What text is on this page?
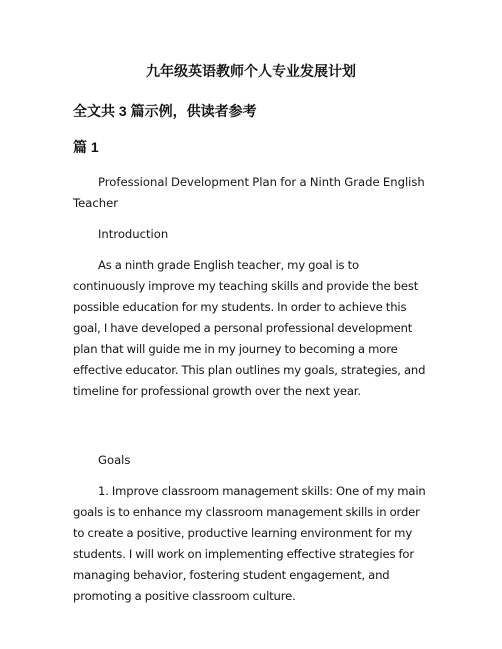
九年级英语教师个人专业发展计划
全文共 3 篇示例，供读者参考
篇 1

Professional Development Plan for a Ninth Grade English Teacher

Introduction

As a ninth grade English teacher, my goal is to continuously improve my teaching skills and provide the best possible education for my students. In order to achieve this goal, I have developed a personal professional development plan that will guide me in my journey to becoming a more effective educator. This plan outlines my goals, strategies, and timeline for professional growth over the next year.

Goals

1. Improve classroom management skills: One of my main goals is to enhance my classroom management skills in order to create a positive, productive learning environment for my students. I will work on implementing effective strategies for managing behavior, fostering student engagement, and promoting a positive classroom culture.
